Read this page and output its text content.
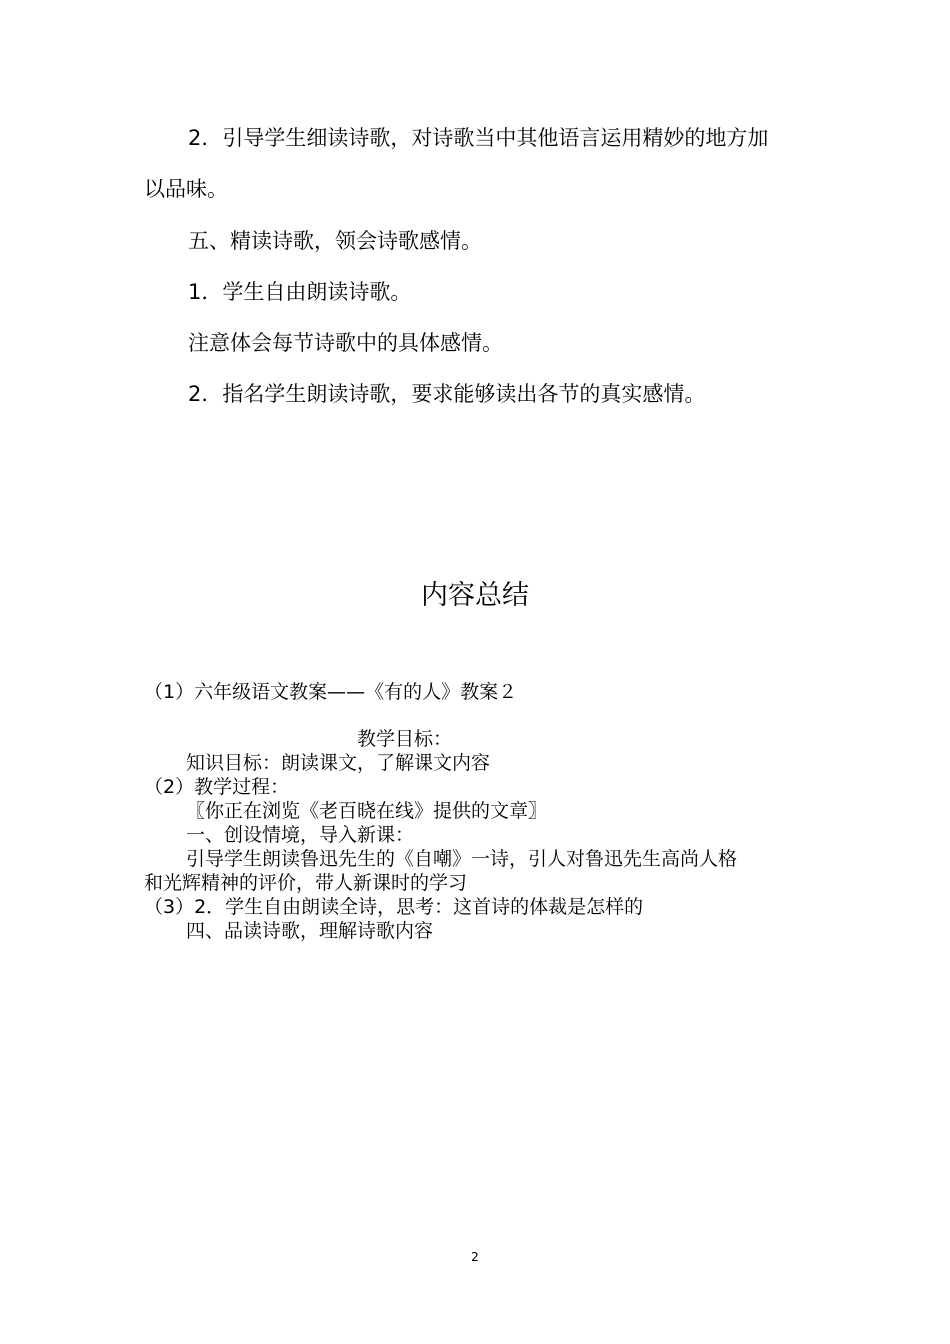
2．引导学生细读诗歌，对诗歌当中其他语言运用精妙的地方加
以品味。
五、精读诗歌，领会诗歌感情。
1．学生自由朗读诗歌。
注意体会每节诗歌中的具体感情。
2．指名学生朗读诗歌，要求能够读出各节的真实感情。
内容总结
（1）六年级语文教案——《有的人》教案２
教学目标：
知识目标：朗读课文，了解课文内容
（2）教学过程：
〖你正在浏览《老百晓在线》提供的文章〗
一、创设情境，导入新课：
引导学生朗读鲁迅先生的《自嘲》一诗，引人对鲁迅先生高尚人格
和光辉精神的评价，带人新课时的学习
（3）2．学生自由朗读全诗，思考：这首诗的体裁是怎样的
四、品读诗歌，理解诗歌内容
2
